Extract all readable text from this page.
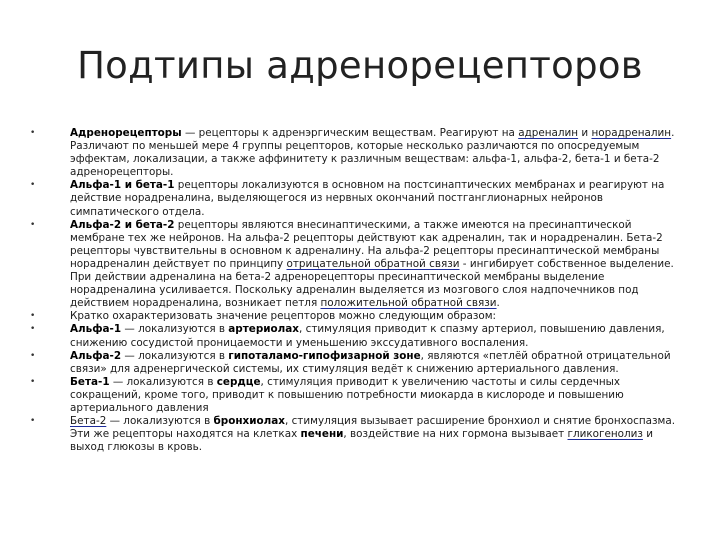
Подтипы адренорецепторов
•	Адренорецепторы — рецепторы к адренэргическим веществам. Реагируют на адреналин и норадреналин. Различают по меньшей мере 4 группы рецепторов, которые несколько различаются по опосредуемым эффектам, локализации, а также аффинитету к различным веществам: альфа-1, альфа-2, бета-1 и бета-2 адренорецепторы.
•	Альфа-1 и бета-1 рецепторы локализуются в основном на постсинаптических мембранах и реагируют на действие норадреналина, выделяющегося из нервных окончаний постганглионарных нейронов симпатического отдела.
•	Альфа-2 и бета-2 рецепторы являются внесинаптическими, а также имеются на пресинаптической мембране тех же нейронов. На альфа-2 рецепторы действуют как адреналин, так и норадреналин. Бета-2 рецепторы чувствительны в основном к адреналину. На альфа-2 рецепторы пресинаптической мембраны норадреналин действует по принципу отрицательной обратной связи - ингибирует собственное выделение. При действии адреналина на бета-2 адренорецепторы пресинаптической мембраны выделение норадреналина усиливается. Поскольку адреналин выделяется из мозгового слоя надпочечников под действием норадреналина, возникает петля положительной обратной связи.
•	Кратко охарактеризовать значение рецепторов можно следующим образом:
•	Альфа-1 — локализуются в артериолах, стимуляция приводит к спазму артериол, повышению давления, снижению сосудистой проницаемости и уменьшению экссудативного воспаления.
•	Альфа-2 — локализуются в гипоталамо-гипофизарной зоне, являются «петлёй обратной отрицательной связи» для адренергической системы, их стимуляция ведёт к снижению артериального давления.
•	Бета-1 — локализуются в сердце, стимуляция приводит к увеличению частоты и силы сердечных сокращений, кроме того, приводит к повышению потребности миокарда в кислороде и повышению артериального давления
•	Бета-2 — локализуются в бронхиолах, стимуляция вызывает расширение бронхиол и снятие бронхоспазма. Эти же рецепторы находятся на клетках печени, воздействие на них гормона вызывает гликогенолиз и выход глюкозы в кровь.
